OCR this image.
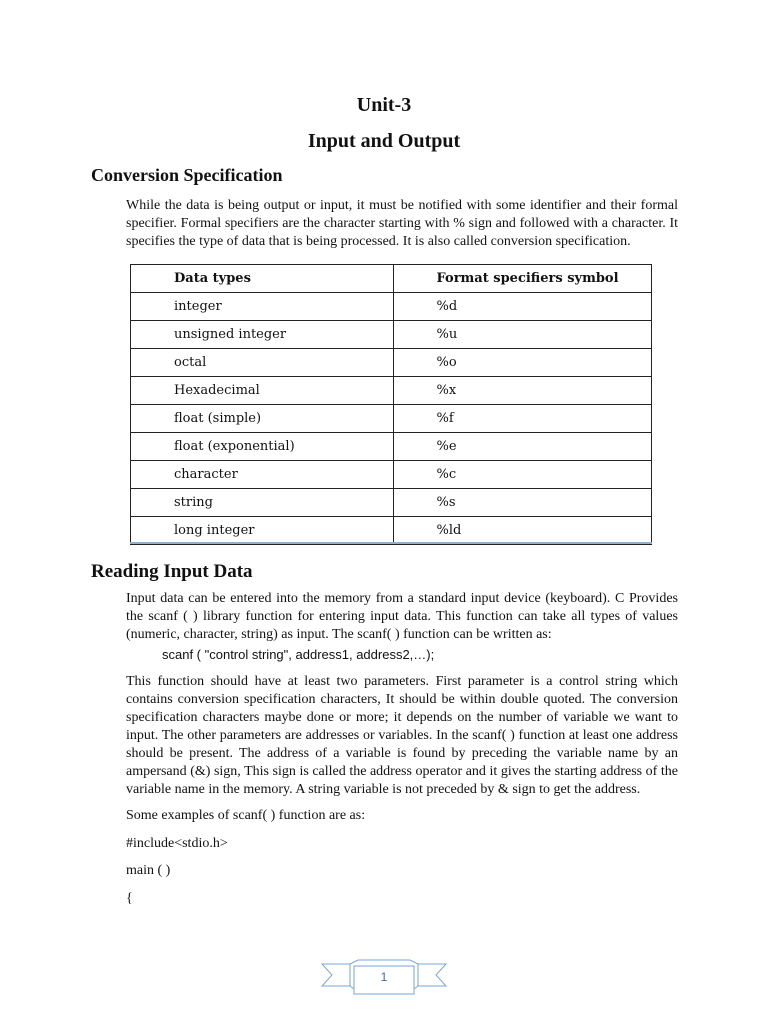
Unit-3
Input and Output
Conversion Specification
While the data is being output or input, it must be notified with some identifier and their formal specifier. Formal specifiers are the character starting with % sign and followed with a character. It specifies the type of data that is being processed. It is also called conversion specification.
Data types	Format specifiers symbol
integer	%d
unsigned integer	%u
octal	%o
Hexadecimal	%x
float (simple)	%f
float (exponential)	%e
character	%c
string	%s
long integer	%ld
Reading Input Data
Input data can be entered into the memory from a standard input device (keyboard). C Provides the scanf ( ) library function for entering input data. This function can take all types of values (numeric, character, string) as input. The scanf( ) function can be written as:
scanf ( "control string", address1, address2,…);
This function should have at least two parameters. First parameter is a control string which contains conversion specification characters, It should be within double quoted. The conversion specification characters maybe done or more; it depends on the number of variable we want to input. The other parameters are addresses or variables. In the scanf( ) function at least one address should be present. The address of a variable is found by preceding the variable name by an ampersand (&) sign, This sign is called the address operator and it gives the starting address of the variable name in the memory. A string variable is not preceded by & sign to get the address.
Some examples of scanf( ) function are as:
#include<stdio.h>
main ( )
{
1
